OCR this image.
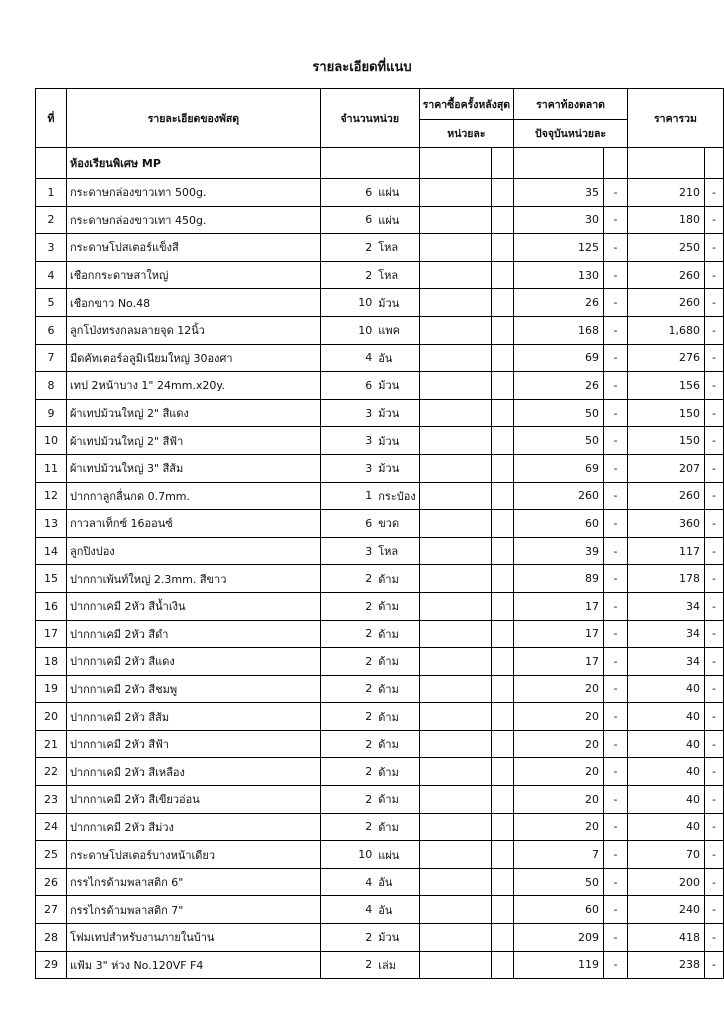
รายละเอียดที่แนบ
ที่	รายละเอียดของพัสดุ	จำนวนหน่วย		ราคาซื้อครั้งหลังสุด		ราคาท้องตลาด		ราคารวม	
				หน่วยละ		ปัจจุบันหน่วยละ			
	ห้องเรียนพิเศษ MP								
1	กระดาษกล่องขาวเทา 500g.	6	แผ่น			35	-	210	-
2	กระดาษกล่องขาวเทา 450g.	6	แผ่น			30	-	180	-
3	กระดาษโปสเตอร์แข็งสี	2	โหล			125	-	250	-
4	เชือกกระดาษสาใหญ่	2	โหล			130	-	260	-
5	เชือกขาว No.48	10	ม้วน			26	-	260	-
6	ลูกโป่งทรงกลมลายจุด 12นิ้ว	10	แพค			168	-	1,680	-
7	มีดคัทเตอร์อลูมิเนียมใหญ่ 30องศา	4	อัน			69	-	276	-
8	เทป 2หน้าบาง 1" 24mm.x20y.	6	ม้วน			26	-	156	-
9	ผ้าเทปม้วนใหญ่ 2" สีแดง	3	ม้วน			50	-	150	-
10	ผ้าเทปม้วนใหญ่ 2" สีฟ้า	3	ม้วน			50	-	150	-
11	ผ้าเทปม้วนใหญ่ 3" สีส้ม	3	ม้วน			69	-	207	-
12	ปากกาลูกลื่นกด 0.7mm.	1	กระป๋อง			260	-	260	-
13	กาวลาเท็กซ์ 16ออนซ์	6	ขวด			60	-	360	-
14	ลูกปิงปอง	3	โหล			39	-	117	-
15	ปากกาเพ้นท์ใหญ่ 2.3mm. สีขาว	2	ด้าม			89	-	178	-
16	ปากกาเคมี 2หัว สีน้ำเงิน	2	ด้าม			17	-	34	-
17	ปากกาเคมี 2หัว สีดำ	2	ด้าม			17	-	34	-
18	ปากกาเคมี 2หัว สีแดง	2	ด้าม			17	-	34	-
19	ปากกาเคมี 2หัว สีชมพู	2	ด้าม			20	-	40	-
20	ปากกาเคมี 2หัว สีส้ม	2	ด้าม			20	-	40	-
21	ปากกาเคมี 2หัว สีฟ้า	2	ด้าม			20	-	40	-
22	ปากกาเคมี 2หัว สีเหลือง	2	ด้าม			20	-	40	-
23	ปากกาเคมี 2หัว สีเขียวอ่อน	2	ด้าม			20	-	40	-
24	ปากกาเคมี 2หัว สีม่วง	2	ด้าม			20	-	40	-
25	กระดาษโปสเตอร์บางหน้าเดียว	10	แผ่น			7	-	70	-
26	กรรไกรด้ามพลาสติก 6"	4	อัน			50	-	200	-
27	กรรไกรด้ามพลาสติก 7"	4	อัน			60	-	240	-
28	โฟมเทปสำหรับงานภายในบ้าน	2	ม้วน			209	-	418	-
29	แฟ้ม 3" ห่วง No.120VF F4	2	เล่ม			119	-	238	-
